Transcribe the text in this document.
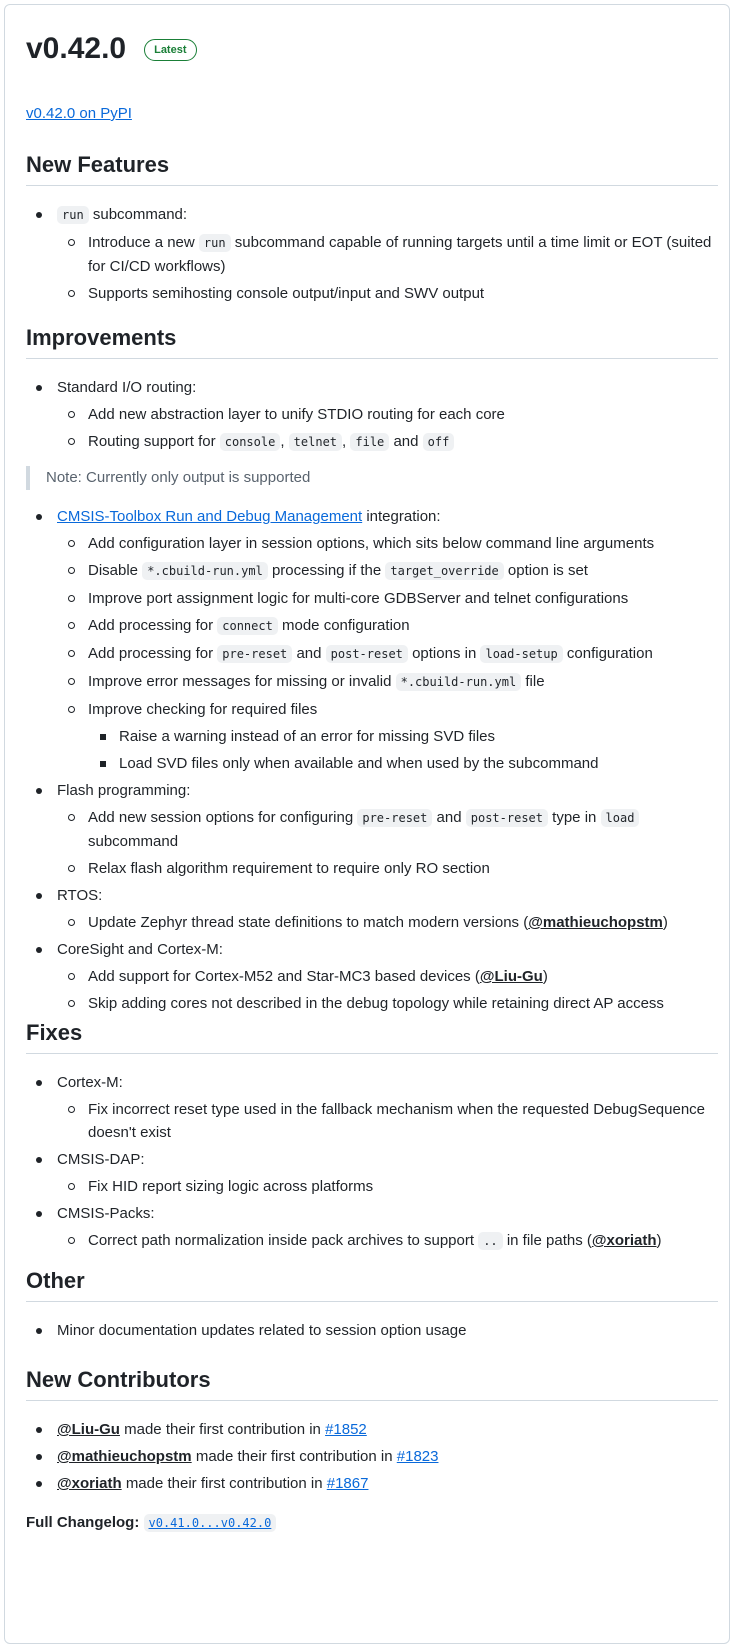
v0.42.0	Latest
v0.42.0 on PyPI
New Features
run subcommand:
Introduce a new run subcommand capable of running targets until a time limit or EOT (suited for CI/CD workflows)
Supports semihosting console output/input and SWV output
Improvements
Standard I/O routing:
Add new abstraction layer to unify STDIO routing for each core
Routing support for console , telnet , file and off
Note: Currently only output is supported
CMSIS-Toolbox Run and Debug Management integration:
Add configuration layer in session options, which sits below command line arguments
Disable *.cbuild-run.yml processing if the target_override option is set
Improve port assignment logic for multi-core GDBServer and telnet configurations
Add processing for connect mode configuration
Add processing for pre-reset and post-reset options in load-setup configuration
Improve error messages for missing or invalid *.cbuild-run.yml file
Improve checking for required files
Raise a warning instead of an error for missing SVD files
Load SVD files only when available and when used by the subcommand
Flash programming:
Add new session options for configuring pre-reset and post-reset type in load subcommand
Relax flash algorithm requirement to require only RO section
RTOS:
Update Zephyr thread state definitions to match modern versions (@mathieuchopstm)
CoreSight and Cortex-M:
Add support for Cortex-M52 and Star-MC3 based devices (@Liu-Gu)
Skip adding cores not described in the debug topology while retaining direct AP access
Fixes
Cortex-M:
Fix incorrect reset type used in the fallback mechanism when the requested DebugSequence doesn't exist
CMSIS-DAP:
Fix HID report sizing logic across platforms
CMSIS-Packs:
Correct path normalization inside pack archives to support .. in file paths (@xoriath)
Other
Minor documentation updates related to session option usage
New Contributors
@Liu-Gu made their first contribution in #1852
@mathieuchopstm made their first contribution in #1823
@xoriath made their first contribution in #1867
Full Changelog: v0.41.0...v0.42.0
